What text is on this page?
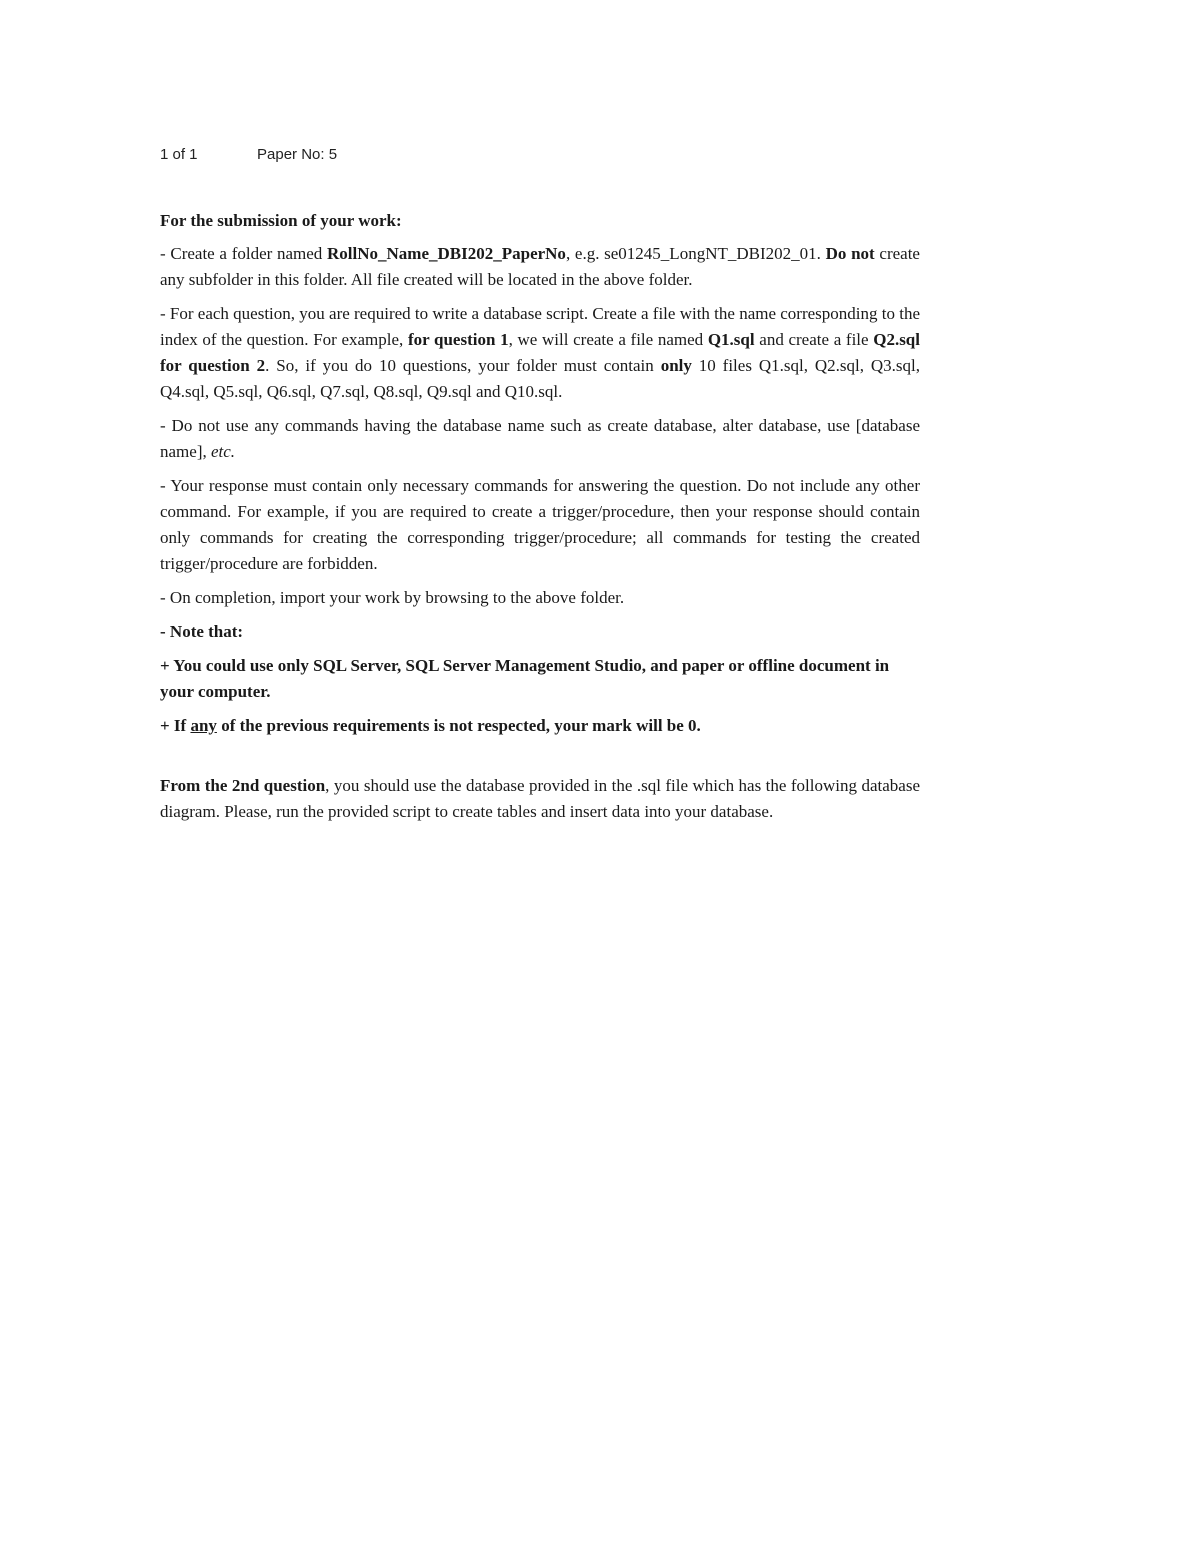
1 of 1	Paper No: 5

For the submission of your work:

- Create a folder named RollNo_Name_DBI202_PaperNo, e.g. se01245_LongNT_DBI202_01. Do not create any subfolder in this folder. All file created will be located in the above folder.

- For each question, you are required to write a database script. Create a file with the name corresponding to the index of the question. For example, for question 1, we will create a file named Q1.sql and create a file Q2.sql for question 2. So, if you do 10 questions, your folder must contain only 10 files Q1.sql, Q2.sql, Q3.sql, Q4.sql, Q5.sql, Q6.sql, Q7.sql, Q8.sql, Q9.sql and Q10.sql.

- Do not use any commands having the database name such as create database, alter database, use [database name], etc.

- Your response must contain only necessary commands for answering the question. Do not include any other command. For example, if you are required to create a trigger/procedure, then your response should contain only commands for creating the corresponding trigger/procedure; all commands for testing the created trigger/procedure are forbidden.

- On completion, import your work by browsing to the above folder.

- Note that:

+ You could use only SQL Server, SQL Server Management Studio, and paper or offline document in your computer.

+ If any of the previous requirements is not respected, your mark will be 0.

From the 2nd question, you should use the database provided in the .sql file which has the following database diagram. Please, run the provided script to create tables and insert data into your database.
